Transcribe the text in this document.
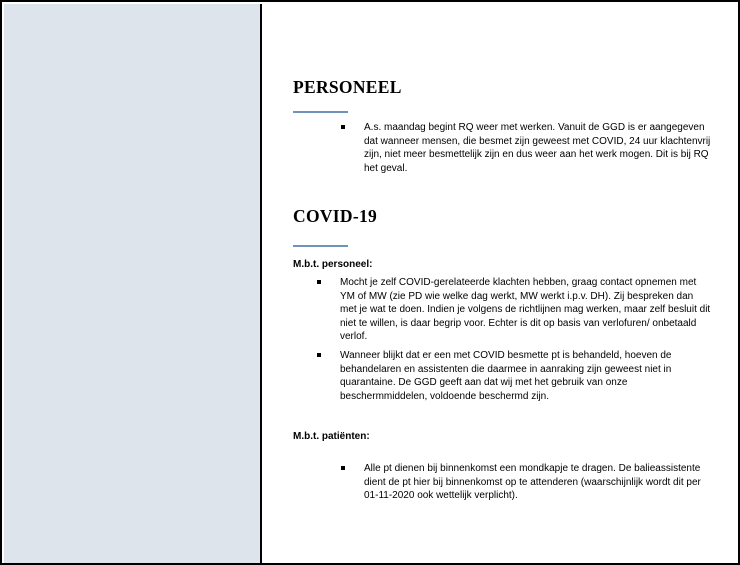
PERSONEEL
A.s. maandag begint RQ weer met werken. Vanuit de GGD is er aangegeven dat wanneer mensen, die besmet zijn geweest met COVID, 24 uur klachtenvrij zijn, niet meer besmettelijk zijn en dus weer aan het werk mogen. Dit is bij RQ het geval.
COVID-19
M.b.t. personeel:
Mocht je zelf COVID-gerelateerde klachten hebben, graag contact opnemen met YM of MW (zie PD wie welke dag werkt, MW werkt i.p.v. DH). Zij bespreken dan met je wat te doen. Indien je volgens de richtlijnen mag werken, maar zelf besluit dit niet te willen, is daar begrip voor. Echter is dit op basis van verlofuren/ onbetaald verlof.
Wanneer blijkt dat er een met COVID besmette pt is behandeld, hoeven de behandelaren en assistenten die daarmee in aanraking zijn geweest niet in quarantaine. De GGD geeft aan dat wij met het gebruik van onze beschermmiddelen, voldoende beschermd zijn.
M.b.t. patiënten:
Alle pt dienen bij binnenkomst een mondkapje te dragen. De balieassistente dient de pt hier bij binnenkomst op te attenderen (waarschijnlijk wordt dit per 01-11-2020 ook wettelijk verplicht).
